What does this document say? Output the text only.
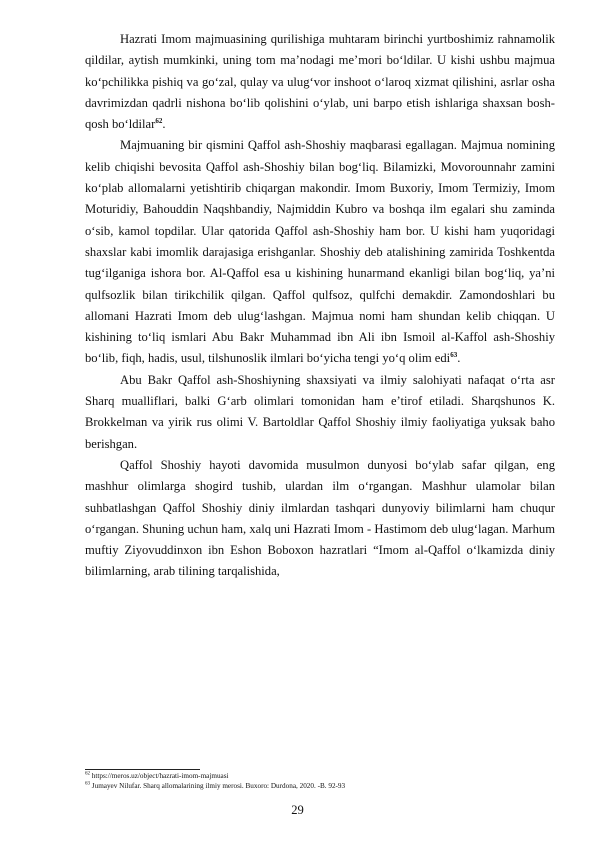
Hazrati Imom majmuasining qurilishiga muhtaram birinchi yurtboshimiz rahnamolik qildilar, aytish mumkinki, uning tom ma’nodagi me’mori bo‘ldilar. U kishi ushbu majmua ko‘pchilikka pishiq va go‘zal, qulay va ulug‘vor inshoot o‘laroq xizmat qilishini, asrlar osha davrimizdan qadrli nishona bo‘lib qolishini o‘ylab, uni barpo etish ishlariga shaxsan bosh-qosh bo‘ldilar$^{62}$.

Majmuaning bir qismini Qaffol ash-Shoshiy maqbarasi egallagan. Majmua nomining kelib chiqishi bevosita Qaffol ash-Shoshiy bilan bog‘liq. Bilamizki, Movorounnahr zamini ko‘plab allomalarni yetishtirib chiqargan makondir. Imom Buxoriy, Imom Termiziy, Imom Moturidiy, Bahouddin Naqshbandiy, Najmiddin Kubro va boshqa ilm egalari shu zaminda o‘sib, kamol topdilar. Ular qatorida Qaffol ash-Shoshiy ham bor. U kishi ham yuqoridagi shaxslar kabi imomlik darajasiga erishganlar. Shoshiy deb atalishining zamirida Toshkentda tug‘ilganiga ishora bor. Al-Qaffol esa u kishining hunarmand ekanligi bilan bog‘liq, ya’ni qulfsozlik bilan tirikchilik qilgan. Qaffol qulfsoz, qulfchi demakdir. Zamondoshlari bu allomani Hazrati Imom deb ulug‘lashgan. Majmua nomi ham shundan kelib chiqqan. U kishining to‘liq ismlari Abu Bakr Muhammad ibn Ali ibn Ismoil al-Kaffol ash-Shoshiy bo‘lib, fiqh, hadis, usul, tilshunoslik ilmlari bo‘yicha tengi yo‘q olim edi$^{63}$.

Abu Bakr Qaffol ash-Shoshiyning shaxsiyati va ilmiy salohiyati nafaqat o‘rta asr Sharq mualliflari, balki G‘arb olimlari tomonidan ham e’tirof etiladi. Sharqshunos K. Brokkelman va yirik rus olimi V. Bartoldlar Qaffol Shoshiy ilmiy faoliyatiga yuksak baho berishgan.

Qaffol Shoshiy hayoti davomida musulmon dunyosi bo‘ylab safar qilgan, eng mashhur olimlarga shogird tushib, ulardan ilm o‘rgangan. Mashhur ulamolar bilan suhbatlashgan Qaffol Shoshiy diniy ilmlardan tashqari dunyoviy bilimlarni ham chuqur o‘rgangan. Shuning uchun ham, xalq uni Hazrati Imom - Hastimom deb ulug‘lagan. Marhum muftiy Ziyovuddinxon ibn Eshon Boboxon hazratlari “Imom al-Qaffol o‘lkamizda diniy bilimlarning, arab tilining tarqalishida,

$^{62}$ https://meros.uz/object/hazrati-imom-majmuasi
$^{63}$ Jumayev Nilufar. Sharq allomalarining ilmiy merosi. Buxoro: Durdona, 2020. -B. 92-93
29
